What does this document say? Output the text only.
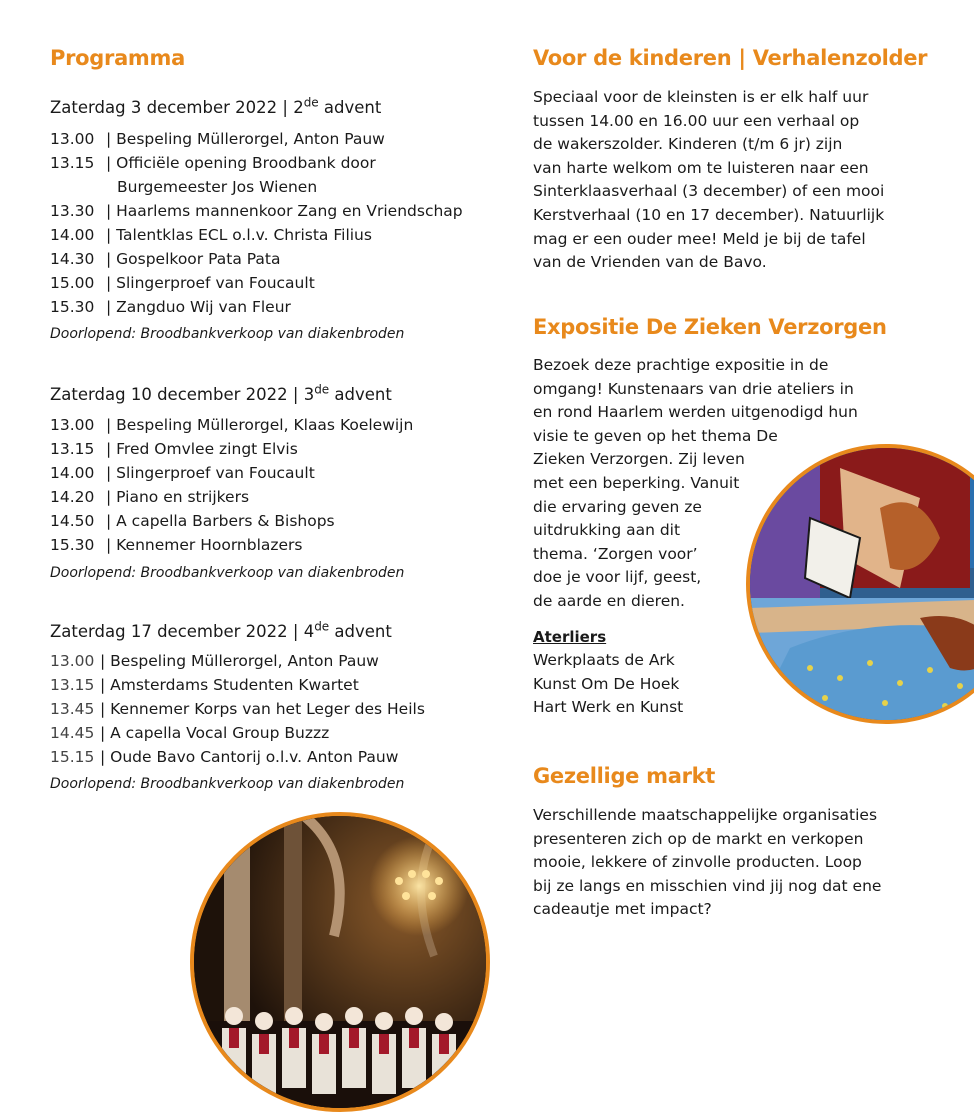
Programma
Zaterdag 3 december 2022 | 2de advent
13.00 | Bespeling Müllerorgel, Anton Pauw
13.15 | Officiële opening Broodbank door
Burgemeester Jos Wienen
13.30 | Haarlems mannenkoor Zang en Vriendschap
14.00 | Talentklas ECL o.l.v. Christa Filius
14.30 | Gospelkoor Pata Pata
15.00 | Slingerproef van Foucault
15.30 | Zangduo Wij van Fleur
Doorlopend: Broodbankverkoop van diakenbroden
Zaterdag 10 december 2022 | 3de advent
13.00 | Bespeling Müllerorgel, Klaas Koelewijn
13.15 | Fred Omvlee zingt Elvis
14.00 | Slingerproef van Foucault
14.20 | Piano en strijkers
14.50 | A capella Barbers & Bishops
15.30 | Kennemer Hoornblazers
Doorlopend: Broodbankverkoop van diakenbroden
Zaterdag 17 december 2022 | 4de advent
13.00 | Bespeling Müllerorgel, Anton Pauw
13.15 | Amsterdams Studenten Kwartet
13.45 | Kennemer Korps van het Leger des Heils
14.45 | A capella Vocal Group Buzzz
15.15 | Oude Bavo Cantorij o.l.v. Anton Pauw
Doorlopend: Broodbankverkoop van diakenbroden
Voor de kinderen | Verhalenzolder
Speciaal voor de kleinsten is er elk half uur
tussen 14.00 en 16.00 uur een verhaal op
de wakerszolder. Kinderen (t/m 6 jr) zijn
van harte welkom om te luisteren naar een
Sinterklaasverhaal (3 december) of een mooi
Kerstverhaal (10 en 17 december). Natuurlijk
mag er een ouder mee! Meld je bij de tafel
van de Vrienden van de Bavo.
Expositie De Zieken Verzorgen
Bezoek deze prachtige expositie in de
omgang! Kunstenaars van drie ateliers in
en rond Haarlem werden uitgenodigd hun
visie te geven op het thema De
Zieken Verzorgen. Zij leven
met een beperking. Vanuit
die ervaring geven ze
uitdrukking aan dit
thema. ‘Zorgen voor’
doe je voor lijf, geest,
de aarde en dieren.
Aterliers
Werkplaats de Ark
Kunst Om De Hoek
Hart Werk en Kunst
Gezellige markt
Verschillende maatschappelijke organisaties
presenteren zich op de markt en verkopen
mooie, lekkere of zinvolle producten. Loop
bij ze langs en misschien vind jij nog dat ene
cadeautje met impact?
